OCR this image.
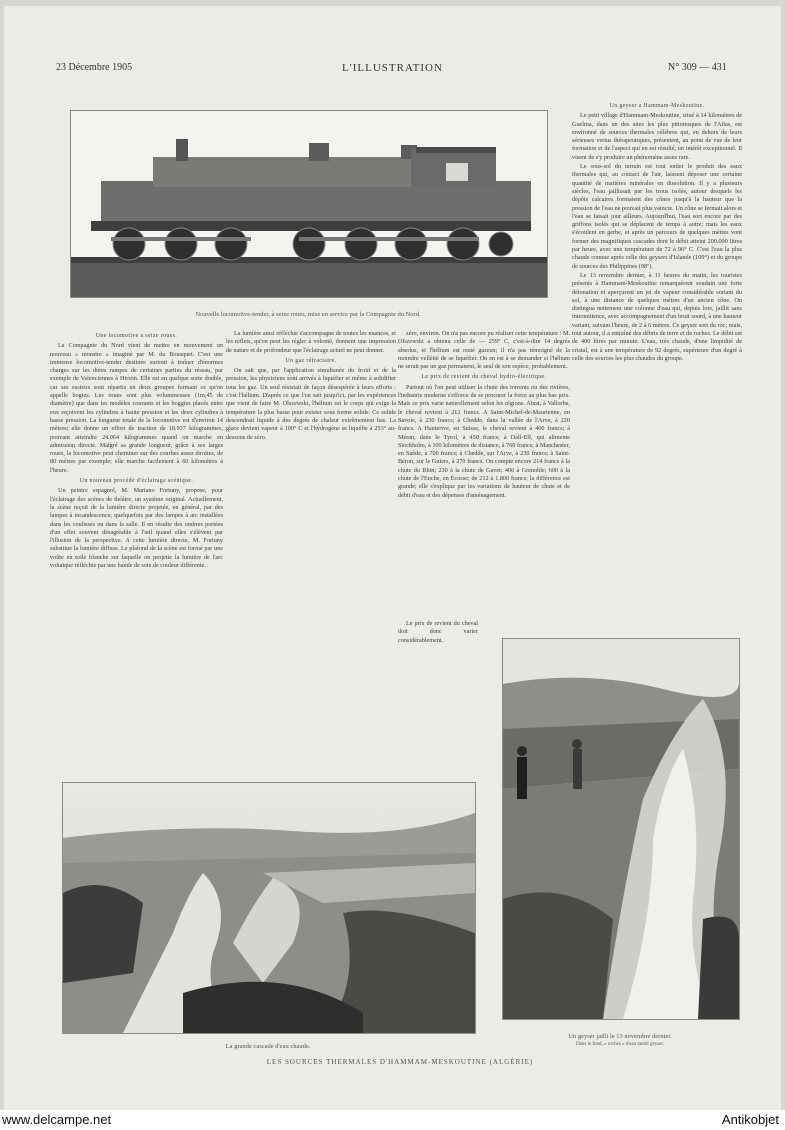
23 Décembre 1905	L'ILLUSTRATION	N° 309 — 431
Nouvelle locomotive-tender, à seize roues, mise en service par la Compagnie du Nord.
Une locomotive a seize roues.

La Compagnie du Nord vient de mettre en mouvement un nouveau « monstre » imaginé par M. du Bousquet. C'est une immense locomotive-tender destinée surtout à traîner d'énormes charges sur les dures rampes de certaines parties du réseau, par exemple de Valenciennes à Hirson. Elle est en quelque sorte double, car ses essieux sont répartis en deux groupes formant ce qu'on appelle bogies. Les roues sont plus volumineuses (1m,45 de diamètre) que dans les modèles courants et les boggies placés entre eux reçoivent les cylindres à haute pression et les deux cylindres à basse pression. La longueur totale de la locomotive est d'environ 14 mètres; elle donne un effort de traction de 18.937 kilogrammes, pouvant atteindre 24.064 kilogrammes quand on marche en admission directe. Malgré sa grande longueur, grâce à ses larges roues, la locomotive peut cheminer sur des courbes assez étroites, de 80 mètres par exemple; elle marche facilement à 60 kilomètres à l'heure.

Un nouveau procédé d'éclairage scénique.

Un peintre espagnol, M. Mariano Fortuny, propose, pour l'éclairage des scènes de théâtre, un système original. Actuellement, la scène reçoit de la lumière directe projetée, en général, par des lampes à incandescence; quelquefois par des lampes à arc installées dans les coulisses ou dans la salle. Il en résulte des ombres portées d'un effet souvent désagréable à l'œil quand elles s'élèvent par l'illusion de la perspective. A cette lumière directe, M. Fortuny substitue la lumière diffuse. Le plafond de la scène est formé par une voûte en toile blanche sur laquelle on projette la lumière de l'arc voltaïque réfléchie par une bande de soie de couleur différente.

La lumière ainsi réfléchie s'accompagne de toutes les nuances, et les reflets, qu'on peut les régler à volonté, donnent une impression de nature et de profondeur que l'éclairage actuel ne peut donner.

Un gaz réfractaire.

On sait que, par l'application simultanée du froid et de la pression, les physiciens sont arrivés à liquéfier et même à solidifier tous les gaz. Un seul résistait de façon désespérée à leurs efforts : c'est l'hélium. D'après ce que l'on sait jusqu'ici, par les expériences que vient de faire M. Olszewski, l'hélium est le corps qui exige la température la plus basse pour exister sous forme solide. Ce solide descendrait liquide à des degrés de chaleur extrêmement bas. La glace devient vapeur à 100° C et l'hydrogène se liquéfie à 253° au-dessous de zéro.

zéro, environ. On n'a pas encore pu réaliser cette température : M. Olszewski a obtenu celle de — 259° C, c'est-à-dire 14 degrés absolus, et l'hélium est resté gazeux; il n'a pas témoigné de la moindre velléité de se liquéfier. On en est à se demander si l'hélium ne serait pas un gaz permanent, le seul de son espèce, probablement.

Le prix de revient du cheval hydro-électrique.

Partout où l'on peut utiliser la chute des torrents ou des rivières, l'industrie moderne s'efforce de se procurer la force au plus bas prix. Mais ce prix varie naturellement selon les régions. Ainsi, à Vallorbe, le cheval revient à 212 francs. A Saint-Michel-de-Maurienne, en Savoie, à 230 francs; à Chedde, dans la vallée de l'Arve, à 220 francs. A Hauterive, en Suisse, le cheval revient à 400 francs; à Méran, dans le Tyrol, à 450 francs; à Dall-Elf, qui alimente Stockholm, à 100 kilomètres de distance, à 760 francs; à Manchester, en Suède, à 700 francs; à Chedde, sur l'Arve, à 230 francs; à Saint-Béron, sur le Guiers, à 270 francs. On compte encore 214 francs à la chute du Rhin; 230 à la chute de Gavet; 400 à Grenoble; 600 à la chute de l'Enche, en Écosse; de 212 à 1.800 francs; la différence est grande; elle s'explique par les variations de hauteur de chute et de débit d'eau et des dépenses d'aménagement.

Le prix de revient du cheval doit donc varier considérablement.

Un geyser a Hammam-Meskoutine.

Le petit village d'Hammam-Meskoutine, situé à 14 kilomètres de Guelma, dans un des sites les plus pittoresques de l'Atlas, est environné de sources thermales célèbres qui, en dehors de leurs sérieuses vertus thérapeutiques, présentent, au point de vue de leur formation et de l'aspect qui en est résulté, un intérêt exceptionnel. Il visent de s'y produire un phénomène assez rare.

Le sous-sol du terrain est tout entier le produit des eaux thermales qui, au contact de l'air, laissent déposer une certaine quantité de matières minérales en dissolution. Il y a plusieurs siècles, l'eau jaillissait par les trous isolés, autour desquels les dépôts calcaires formaient des cônes jusqu'à la hauteur que la pression de l'eau ne pouvait plus vaincre. Un cône se fermait alors et l'eau se faisait jour ailleurs. Aujourd'hui, l'eau sort encore par des griffons isolés qui se déplacent de temps à autre; mais les eaux s'écoulent en gerbe, et après un parcours de quelques mètres vont former des magnifiques cascades dont le débit atteint 200.000 litres par heure, avec une température de 72 à 96° C. C'est l'eau la plus chaude connue après celle des geysers d'Islande (109°) et du groupe de sources des Philippines (98°).

Le 13 novembre dernier, à 11 heures du matin, les touristes présents à Hammam-Meskoutine remarquèrent soudain une forte détonation et aperçurent un jet de vapeur considérable sortant du sol, à une distance de quelques mètres d'un ancien cône. On distingua nettement une colonne d'eau qui, depuis lors, jaillit sans intermittence, avec accompagnement d'un bruit sourd, à une hauteur variant, suivant l'heure, de 2 à 6 mètres. Ce geyser sort du roc; mais, tout autour, il a entraîné des débris de terre et de roches. Le débit est de 400 litres par minute. L'eau, très chaude, d'une limpidité de cristal, est à une température de 92 degrés, supérieure d'un degré à celle des sources les plus chaudes du groupe.

La grande cascade d'eau chaude.
Un geyser jailli le 13 novembre dernier.
Dans le fond, « roches » d'eau tantôt geyser.
LES SOURCES THERMALES D'HAMMAM-MESKOUTINE (ALGÉRIE)
www.delcampe.net	Antikobjet
